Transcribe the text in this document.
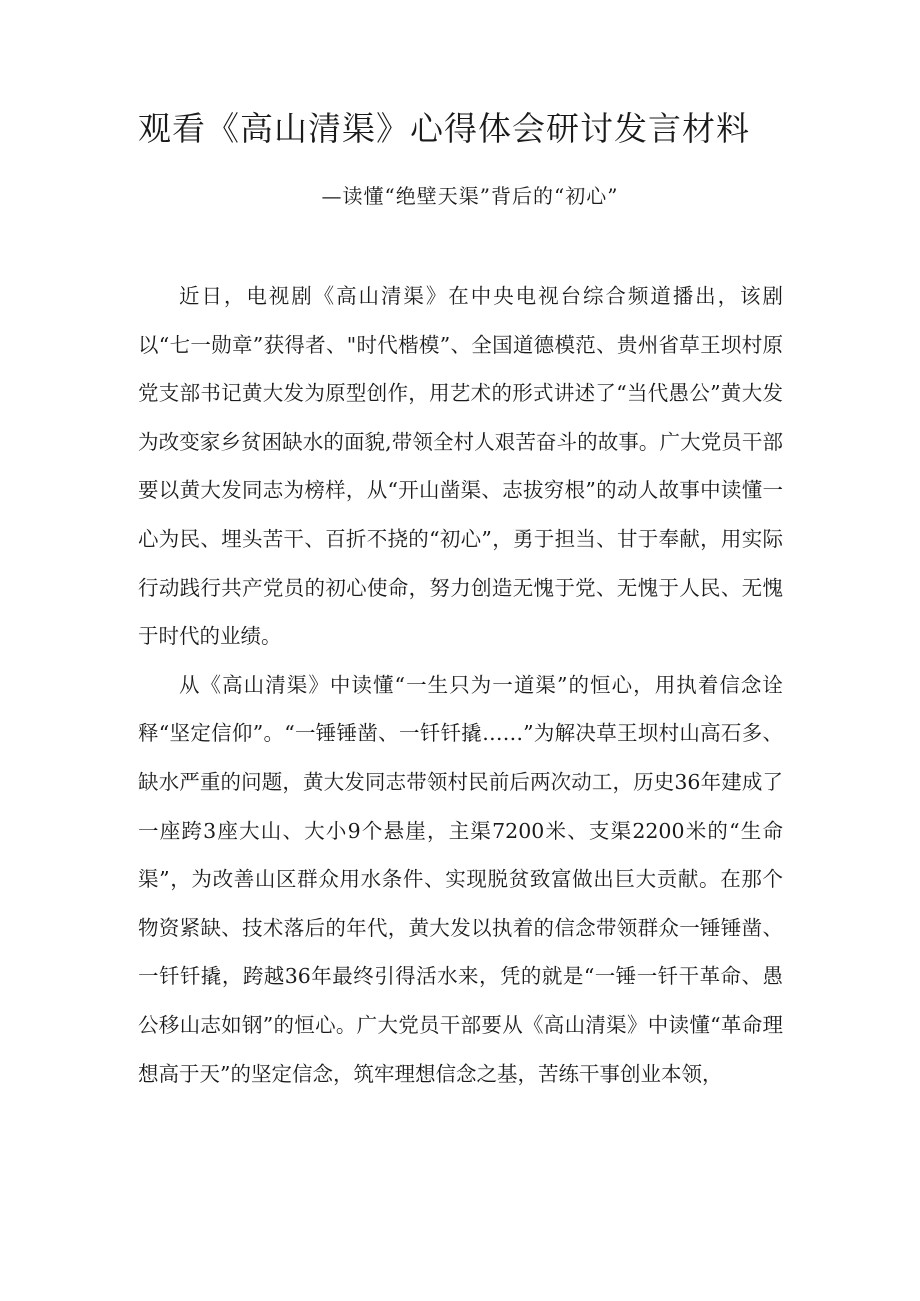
观看《高山清渠》心得体会研讨发言材料

—读懂“绝壁天渠”背后的“初心”

近日，电视剧《高山清渠》在中央电视台综合频道播出，该剧以“七一勋章”获得者、"时代楷模”、全国道德模范、贵州省草王坝村原党支部书记黄大发为原型创作，用艺术的形式讲述了“当代愚公”黄大发为改变家乡贫困缺水的面貌,带领全村人艰苦奋斗的故事。广大党员干部要以黄大发同志为榜样，从“开山凿渠、志拔穷根”的动人故事中读懂一心为民、埋头苦干、百折不挠的“初心”，勇于担当、甘于奉献，用实际行动践行共产党员的初心使命，努力创造无愧于党、无愧于人民、无愧于时代的业绩。

从《高山清渠》中读懂“一生只为一道渠”的恒心，用执着信念诠释“坚定信仰”。“一锤锤凿、一钎钎撬……”为解决草王坝村山高石多、缺水严重的问题，黄大发同志带领村民前后两次动工，历史36年建成了一座跨3座大山、大小9个悬崖，主渠7200米、支渠2200米的“生命渠”，为改善山区群众用水条件、实现脱贫致富做出巨大贡献。在那个物资紧缺、技术落后的年代，黄大发以执着的信念带领群众一锤锤凿、一钎钎撬，跨越36年最终引得活水来，凭的就是“一锤一钎干革命、愚公移山志如钢”的恒心。广大党员干部要从《高山清渠》中读懂“革命理想高于天”的坚定信念，筑牢理想信念之基，苦练干事创业本领，
